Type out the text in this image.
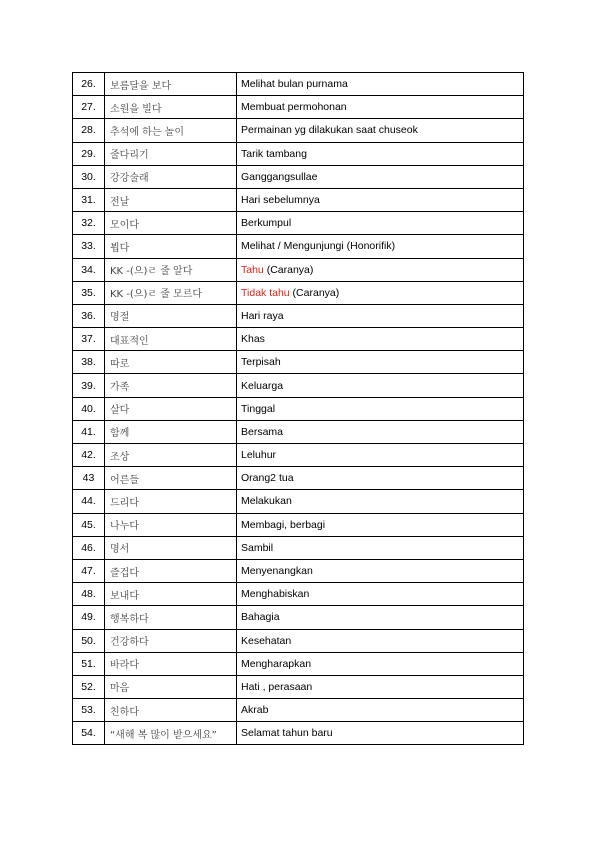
26.	보름달을 보다	Melihat bulan purnama
27.	소원을 빌다	Membuat permohonan
28.	추석에 하는 놀이	Permainan yg dilakukan saat chuseok
29.	줄다리기	Tarik tambang
30.	강강술래	Ganggangsullae
31.	전날	Hari sebelumnya
32.	모이다	Berkumpul
33.	뵙다	Melihat / Mengunjungi (Honorifik)
34.	KK -(으)ㄹ 줄 알다	Tahu (Caranya)
35.	KK -(으)ㄹ 줄 모르다	Tidak tahu (Caranya)
36.	명절	Hari raya
37.	대표적인	Khas
38.	따로	Terpisah
39.	가족	Keluarga
40.	살다	Tinggal
41.	함께	Bersama
42.	조상	Leluhur
43	어른들	Orang2 tua
44.	드리다	Melakukan
45.	나누다	Membagi, berbagi
46.	명서	Sambil
47.	즐겁다	Menyenangkan
48.	보내다	Menghabiskan
49.	행복하다	Bahagia
50.	건강하다	Kesehatan
51.	바라다	Mengharapkan
52.	마음	Hati , perasaan
53.	친하다	Akrab
54.	“새해 복 많이 받으세요”	Selamat tahun baru
